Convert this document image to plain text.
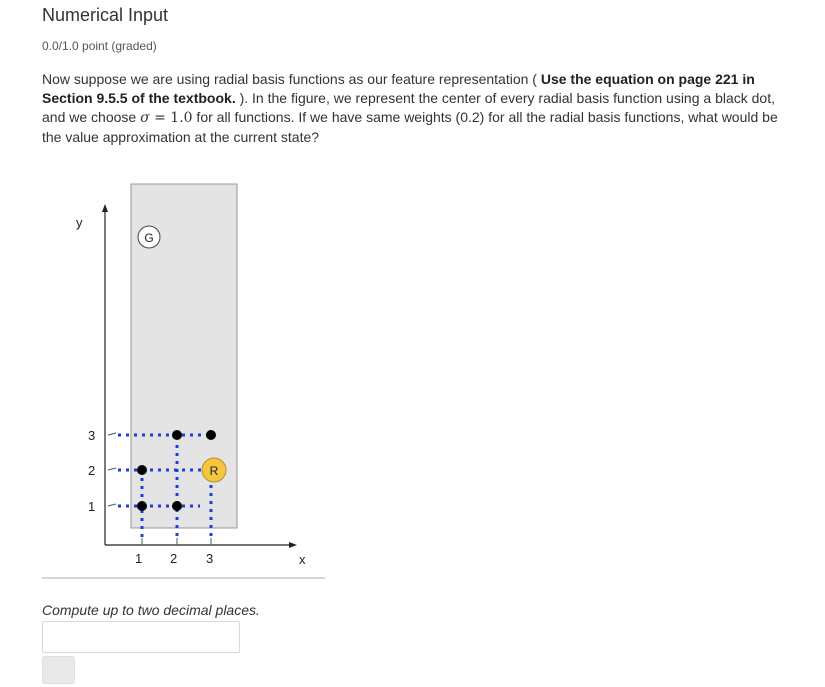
Numerical Input
0.0/1.0 point (graded)
Now suppose we are using radial basis functions as our feature representation ( Use the equation on page 221 in Section 9.5.5 of the textbook. ). In the figure, we represent the center of every radial basis function using a black dot, and we choose σ = 1.0 for all functions. If we have same weights (0.2) for all the radial basis functions, what would be the value approximation at the current state?
y
x
3
2
1
1 2 3
G
R
Compute up to two decimal places.
